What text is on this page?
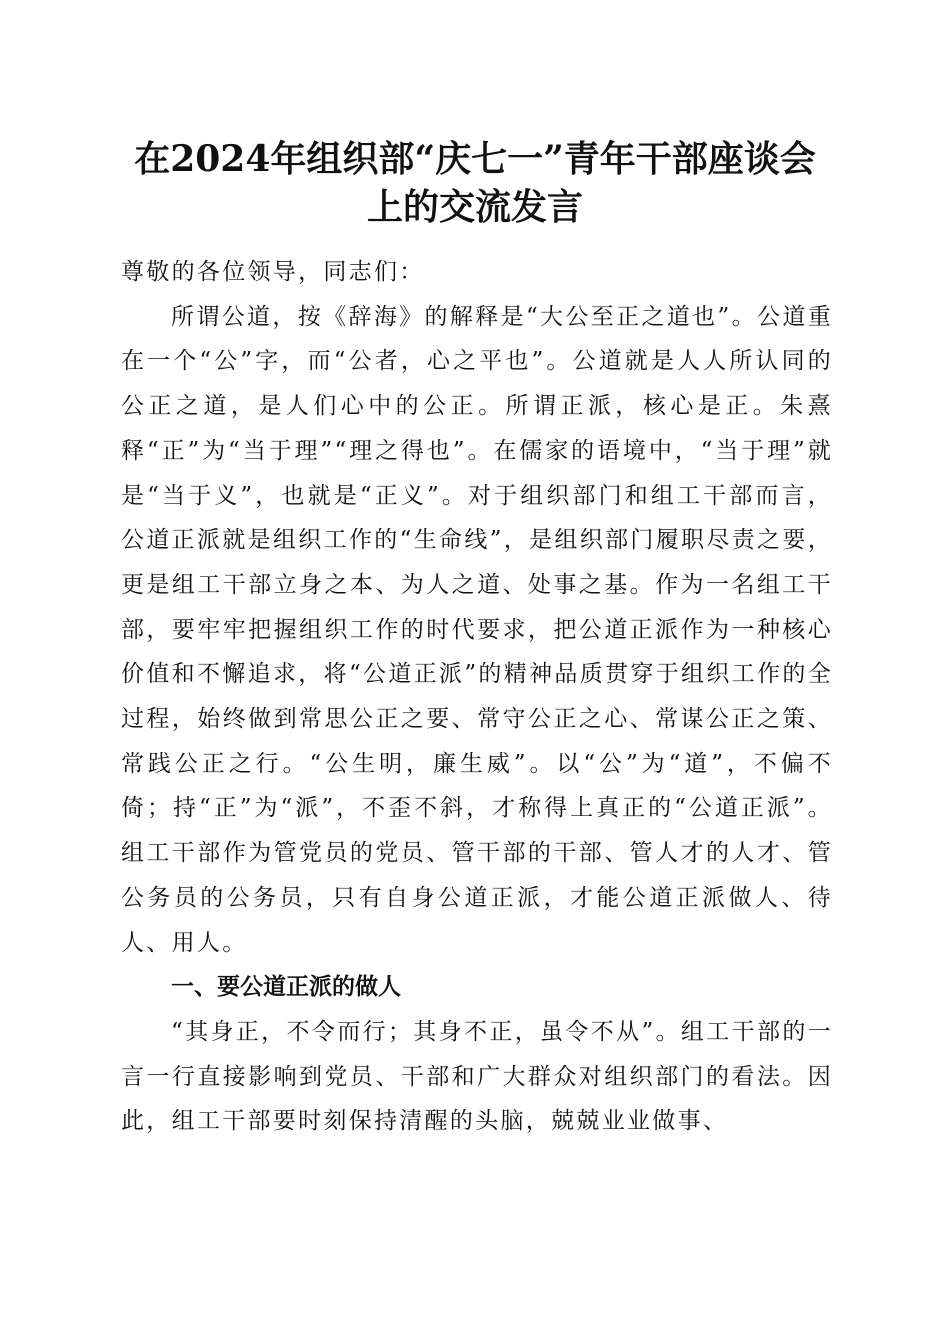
在2024年组织部“庆七一”青年干部座谈会
上的交流发言

尊敬的各位领导，同志们：

所谓公道，按《辞海》的解释是“大公至正之道也”。公道重在一个“公”字，而“公者，心之平也”。公道就是人人所认同的公正之道，是人们心中的公正。所谓正派，核心是正。朱熹释“正”为“当于理”“理之得也”。在儒家的语境中，“当于理”就是“当于义”，也就是“正义”。对于组织部门和组工干部而言，公道正派就是组织工作的“生命线”，是组织部门履职尽责之要，更是组工干部立身之本、为人之道、处事之基。作为一名组工干部，要牢牢把握组织工作的时代要求，把公道正派作为一种核心价值和不懈追求，将“公道正派”的精神品质贯穿于组织工作的全过程，始终做到常思公正之要、常守公正之心、常谋公正之策、常践公正之行。“公生明，廉生威”。以“公”为“道”，不偏不倚；持“正”为“派”，不歪不斜，才称得上真正的“公道正派”。组工干部作为管党员的党员、管干部的干部、管人才的人才、管公务员的公务员，只有自身公道正派，才能公道正派做人、待人、用人。

一、要公道正派的做人

“其身正，不令而行；其身不正，虽令不从”。组工干部的一言一行直接影响到党员、干部和广大群众对组织部门的看法。因此，组工干部要时刻保持清醒的头脑，兢兢业业做事、
